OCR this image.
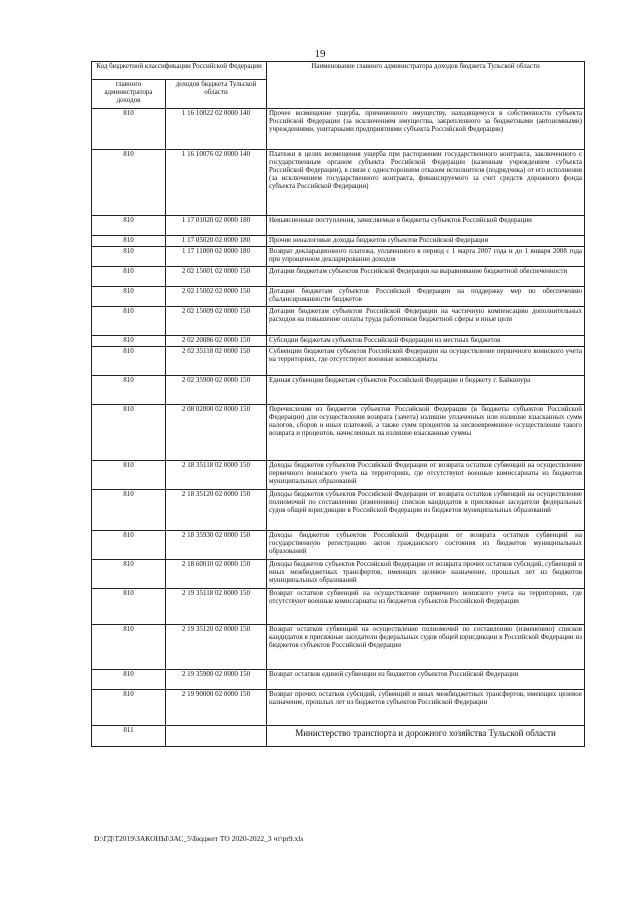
19
Код бюджетной классификации Российской Федерации		Наименование главного администратора доходов бюджета Тульской области
главного администратора доходов	доходов бюджета Тульской области	
810	1 16 10022 02 0000 140	Прочее возмещение ущерба, причиненного имуществу, находящемуся в собственности субъекта Российской Федерации (за исключением имущества, закрепленного за бюджетными (автономными) учреждениями, унитарными предприятиями субъекта Российской Федерации)
810	1 16 10076 02 0000 140	Платежи в целях возмещения ущерба при расторжении государственного контракта, заключенного с государственным органом субъекта Российской Федерации (казенным учреждением субъекта Российской Федерации), в связи с односторонним отказом исполнителя (подрядчика) от его исполнения (за исключением государственного контракта, финансируемого за счет средств дорожного фонда субъекта Российской Федерации)
810	1 17 01020 02 0000 180	Невыясненные поступления, зачисляемые в бюджеты субъектов Российской Федерации
810	1 17 05020 02 0000 180	Прочие неналоговые доходы бюджетов субъектов Российской Федерации
810	1 17 11000 02 0000 180	Возврат декларационного платежа, уплаченного в период с 1 марта 2007 года и до 1 января 2008 года при упрощенном декларировании доходов
810	2 02 15001 02 0000 150	Дотации бюджетам субъектов Российской Федерации на выравнивание бюджетной обеспеченности
810	2 02 15002 02 0000 150	Дотации бюджетам субъектов Российской Федерации на поддержку мер по обеспечению сбалансированности бюджетов
810	2 02 15009 02 0000 150	Дотации бюджетам субъектов Российской Федерации на частичную компенсацию дополнительных расходов на повышение оплаты труда работников бюджетной сферы и иные цели
810	2 02 20086 02 0000 150	Субсидии бюджетам субъектов Российской Федерации из местных бюджетов
810	2 02 35118 02 0000 150	Субвенции бюджетам субъектов Российской Федерации на осуществление первичного воинского учета на территориях, где отсутствуют военные комиссариаты
810	2 02 35900 02 0000 150	Единая субвенция бюджетам субъектов Российской Федерации и бюджету г. Байконура
810	2 08 02000 02 0000 150	Перечисления из бюджетов субъектов Российской Федерации (в бюджеты субъектов Российской Федерации) для осуществления возврата (зачета) излишне уплаченных или излишне взысканных сумм налогов, сборов и иных платежей, а также сумм процентов за несвоевременное осуществление такого возврата и процентов, начисленных на излишне взысканные суммы
810	2 18 35118 02 0000 150	Доходы бюджетов субъектов Российской Федерации от возврата остатков субвенций на осуществление первичного воинского учета на территориях, где отсутствуют военные комиссариаты из бюджетов муниципальных образований
810	2 18 35120 02 0000 150	Доходы бюджетов субъектов Российской Федерации от возврата остатков субвенций на осуществление полномочий по составлению (изменению) списков кандидатов в присяжные заседатели федеральных судов общей юрисдикции в Российской Федерации из бюджетов муниципальных образований
810	2 18 35930 02 0000 150	Доходы бюджетов субъектов Российской Федерации от возврата остатков субвенций на государственную регистрацию актов гражданского состояния из бюджетов муниципальных образований
810	2 18 60010 02 0000 150	Доходы бюджетов субъектов Российской Федерации от возврата прочих остатков субсидий, субвенций и иных межбюджетных трансфертов, имеющих целевое назначение, прошлых лет из бюджетов муниципальных образований
810	2 19 35118 02 0000 150	Возврат остатков субвенций на осуществление первичного воинского учета на территориях, где отсутствуют военные комиссариаты из бюджетов субъектов Российской Федерации
810	2 19 35120 02 0000 150	Возврат остатков субвенций на осуществление полномочий по составлению (изменению) списков кандидатов в присяжные заседатели федеральных судов общей юрисдикции в Российской Федерации из бюджетов субъектов Российской Федерации
810	2 19 35900 02 0000 150	Возврат остатков единой субвенции из бюджетов субъектов Российской Федерации
810	2 19 90000 02 0000 150	Возврат прочих остатков субсидий, субвенций и иных межбюджетных трансфертов, имеющих целевое назначение, прошлых лет из бюджетов субъектов Российской Федерации
811		Министерство транспорта и дорожного хозяйства Тульской области
D:\ГД\Т2019\ЗАКОНЫ\ЗАС_5\Бюджет ТО 2020-2022_3 чт\pr9.xls
